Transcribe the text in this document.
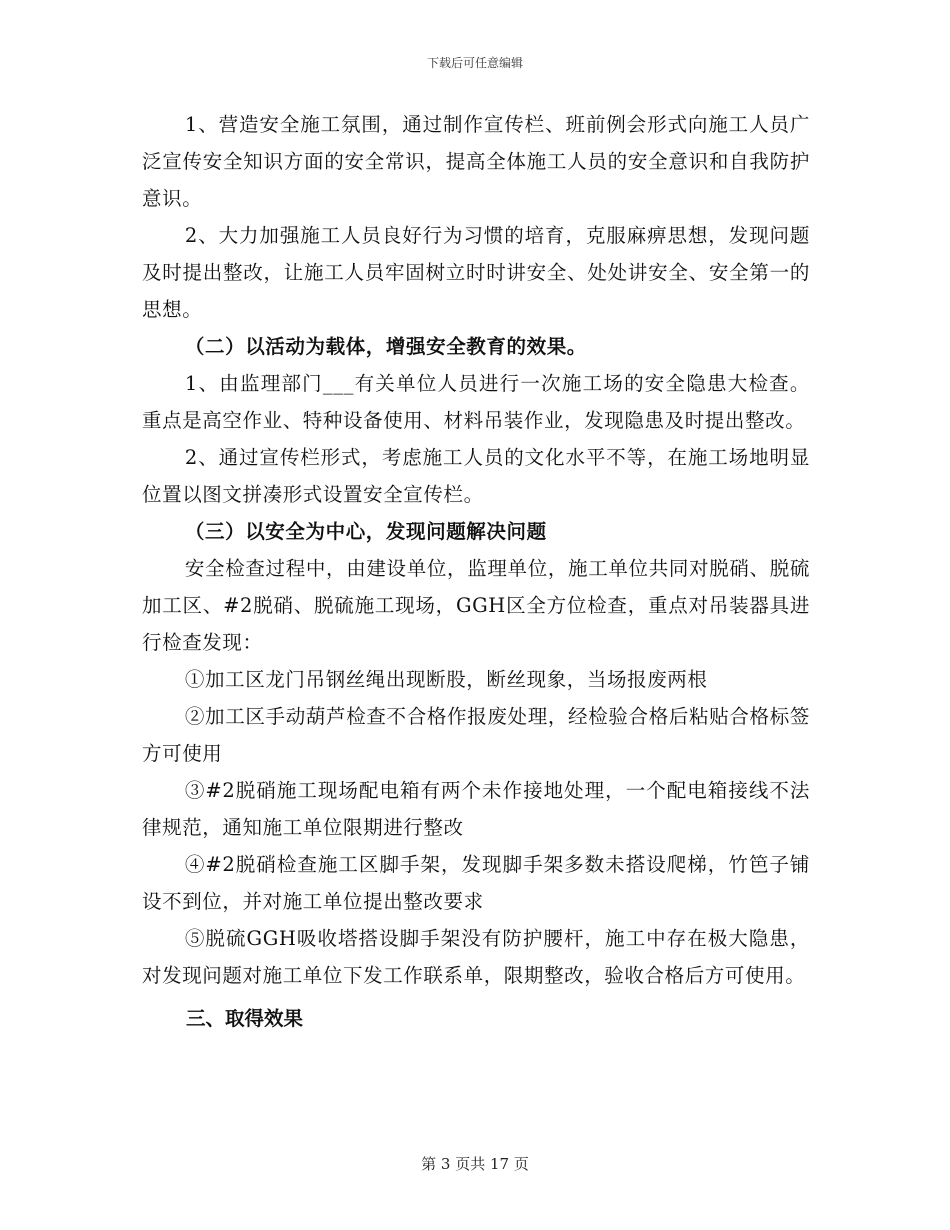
下载后可任意编辑

1、营造安全施工氛围，通过制作宣传栏、班前例会形式向施工人员广泛宣传安全知识方面的安全常识，提高全体施工人员的安全意识和自我防护意识。

2、大力加强施工人员良好行为习惯的培育，克服麻痹思想，发现问题及时提出整改，让施工人员牢固树立时时讲安全、处处讲安全、安全第一的思想。

（二）以活动为载体，增强安全教育的效果。

1、由监理部门___有关单位人员进行一次施工场的安全隐患大检查。重点是高空作业、特种设备使用、材料吊装作业，发现隐患及时提出整改。

2、通过宣传栏形式，考虑施工人员的文化水平不等，在施工场地明显位置以图文拼凑形式设置安全宣传栏。

（三）以安全为中心，发现问题解决问题

安全检查过程中，由建设单位，监理单位，施工单位共同对脱硝、脱硫加工区、#2脱硝、脱硫施工现场，GGH区全方位检查，重点对吊装器具进行检查发现：

①加工区龙门吊钢丝绳出现断股，断丝现象，当场报废两根

②加工区手动葫芦检查不合格作报废处理，经检验合格后粘贴合格标签方可使用

③#2脱硝施工现场配电箱有两个未作接地处理，一个配电箱接线不法律规范，通知施工单位限期进行整改

④#2脱硝检查施工区脚手架，发现脚手架多数未搭设爬梯，竹笆子铺设不到位，并对施工单位提出整改要求

⑤脱硫GGH吸收塔搭设脚手架没有防护腰杆，施工中存在极大隐患，对发现问题对施工单位下发工作联系单，限期整改，验收合格后方可使用。

三、取得效果

第 3 页共 17 页
